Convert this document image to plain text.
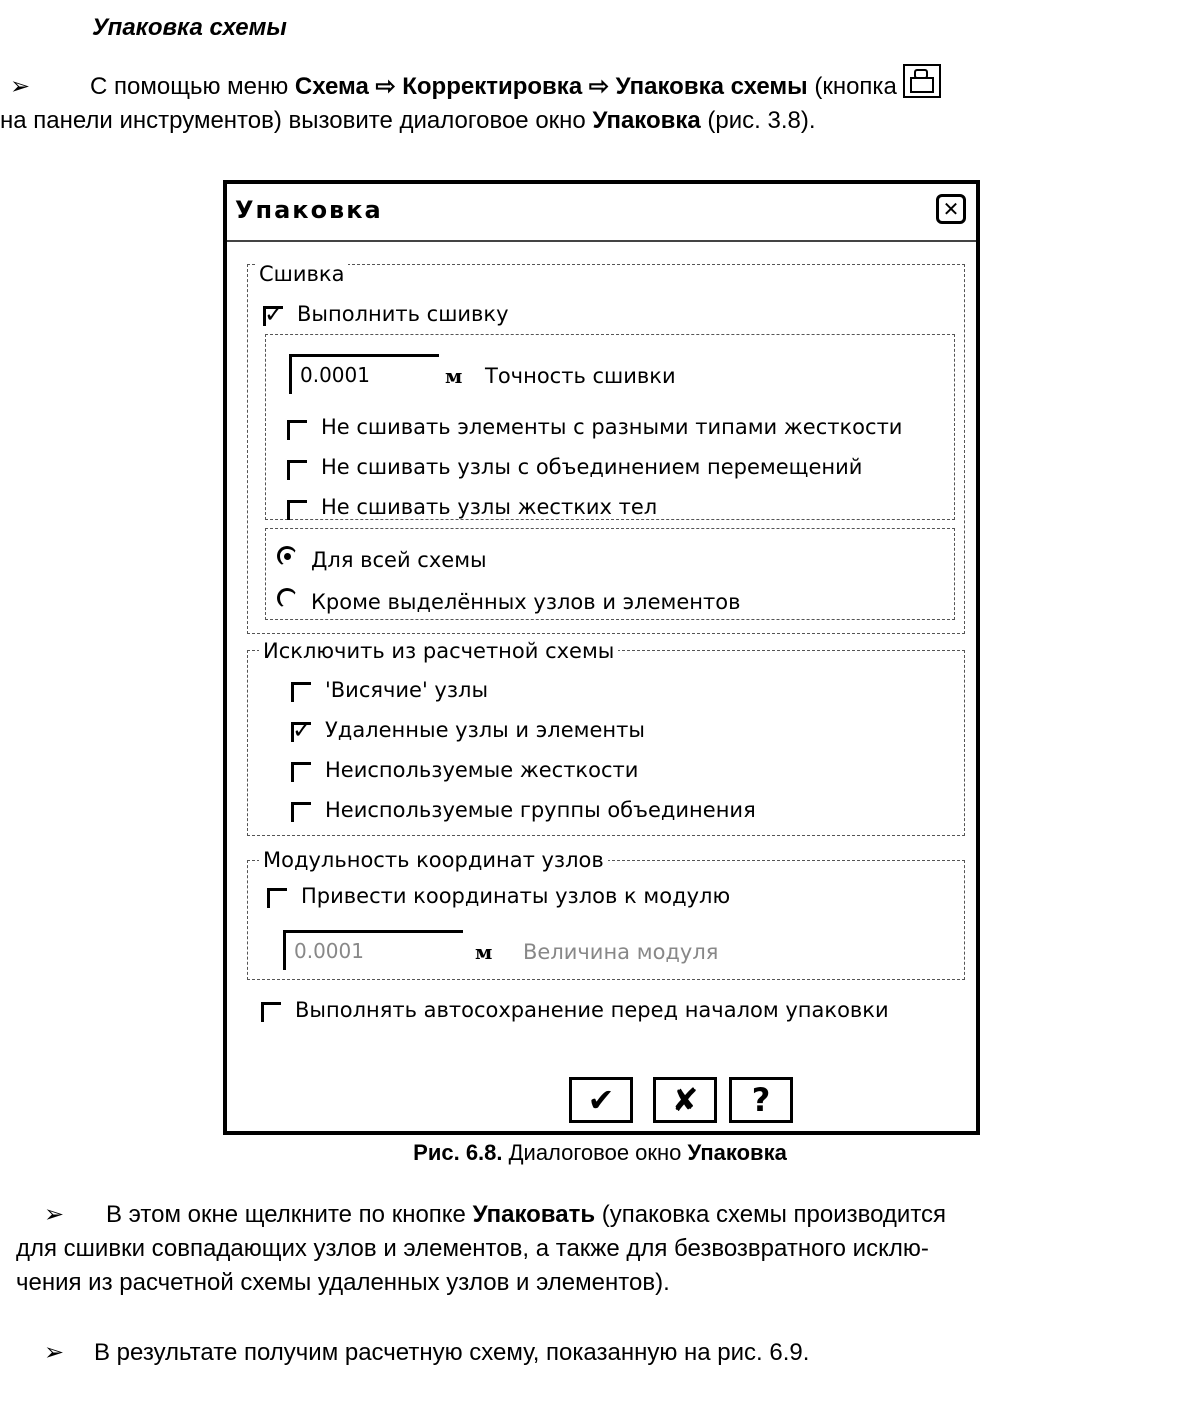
Упаковка схемы
➢ С помощью меню Схема ⇨ Корректировка ⇨ Упаковка схемы (кнопка
на панели инструментов) вызовите диалоговое окно Упаковка (рис. 3.8).
Упаковка	✕
Сшивка
✓ Выполнить сшивку
0.0001	м Точность сшивки
Не сшивать элементы с разными типами жесткости
Не сшивать узлы с объединением перемещений
Не сшивать узлы жестких тел
Для всей схемы
Кроме выделённых узлов и элементов
Исключить из расчетной схемы
'Висячие' узлы
✓ Удаленные узлы и элементы
Неиспользуемые жесткости
Неиспользуемые группы объединения
Модульность координат узлов
Привести координаты узлов к модулю
0.0001	м Величина модуля
Выполнять автосохранение перед началом упаковки
✔	✘	?
Рис. 6.8. Диалоговое окно Упаковка
➢ В этом окне щелкните по кнопке Упаковать (упаковка схемы производится
для сшивки совпадающих узлов и элементов, а также для безвозвратного исклю-
чения из расчетной схемы удаленных узлов и элементов).
➢ В результате получим расчетную схему, показанную на рис. 6.9.
